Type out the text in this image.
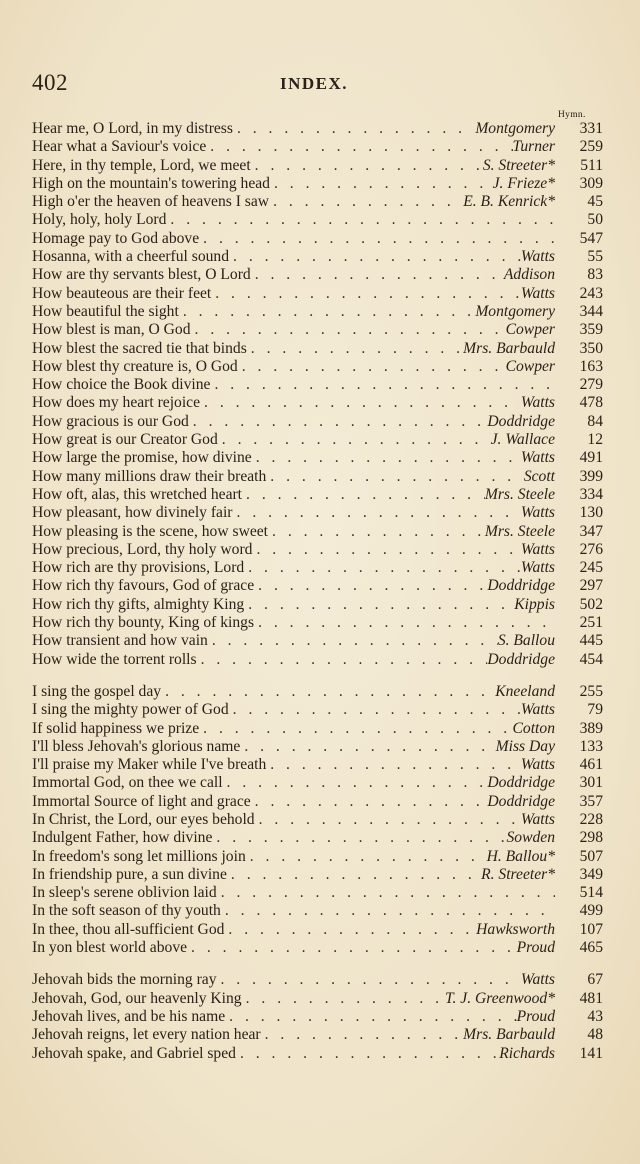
402	INDEX.
Hymn.
Hear me, O Lord, in my distress . . .	Montgomery	331
Hear what a Saviour's voice . . .	Turner	259
Here, in thy temple, Lord, we meet . . .	S. Streeter*	511
High on the mountain's towering head . . .	J. Frieze*	309
High o'er the heaven of heavens I saw . . .	E. B. Kenrick*	45
Holy, holy, holy Lord . . .	50
Homage pay to God above . . .	547
Hosanna, with a cheerful sound . . .	Watts	55
How are thy servants blest, O Lord . . .	Addison	83
How beauteous are their feet . . .	Watts	243
How beautiful the sight . . .	Montgomery	344
How blest is man, O God . . .	Cowper	359
How blest the sacred tie that binds . . .	Mrs. Barbauld	350
How blest thy creature is, O God . . .	Cowper	163
How choice the Book divine . . .	279
How does my heart rejoice . . .	Watts	478
How gracious is our God . . .	Doddridge	84
How great is our Creator God . . .	J. Wallace	12
How large the promise, how divine . . .	Watts	491
How many millions draw their breath . . .	Scott	399
How oft, alas, this wretched heart . . .	Mrs. Steele	334
How pleasant, how divinely fair . . .	Watts	130
How pleasing is the scene, how sweet . . .	Mrs. Steele	347
How precious, Lord, thy holy word . . .	Watts	276
How rich are thy provisions, Lord . . .	Watts	245
How rich thy favours, God of grace . . .	Doddridge	297
How rich thy gifts, almighty King . . .	Kippis	502
How rich thy bounty, King of kings . . .	251
How transient and how vain . . .	S. Ballou	445
How wide the torrent rolls . . .	Doddridge	454
I sing the gospel day . . .	Kneeland	255
I sing the mighty power of God . . .	Watts	79
If solid happiness we prize . . .	Cotton	389
I'll bless Jehovah's glorious name . . .	Miss Day	133
I'll praise my Maker while I've breath . . .	Watts	461
Immortal God, on thee we call . . .	Doddridge	301
Immortal Source of light and grace . . .	Doddridge	357
In Christ, the Lord, our eyes behold . . .	Watts	228
Indulgent Father, how divine . . .	Sowden	298
In freedom's song let millions join . . .	H. Ballou*	507
In friendship pure, a sun divine . . .	R. Streeter*	349
In sleep's serene oblivion laid . . .	514
In the soft season of thy youth . . .	499
In thee, thou all-sufficient God . . .	Hawksworth	107
In yon blest world above . . .	Proud	465
Jehovah bids the morning ray . . .	Watts	67
Jehovah, God, our heavenly King . . .	T. J. Greenwood*	481
Jehovah lives, and be his name . . .	Proud	43
Jehovah reigns, let every nation hear . . .	Mrs. Barbauld	48
Jehovah spake, and Gabriel sped . . .	Richards	141
